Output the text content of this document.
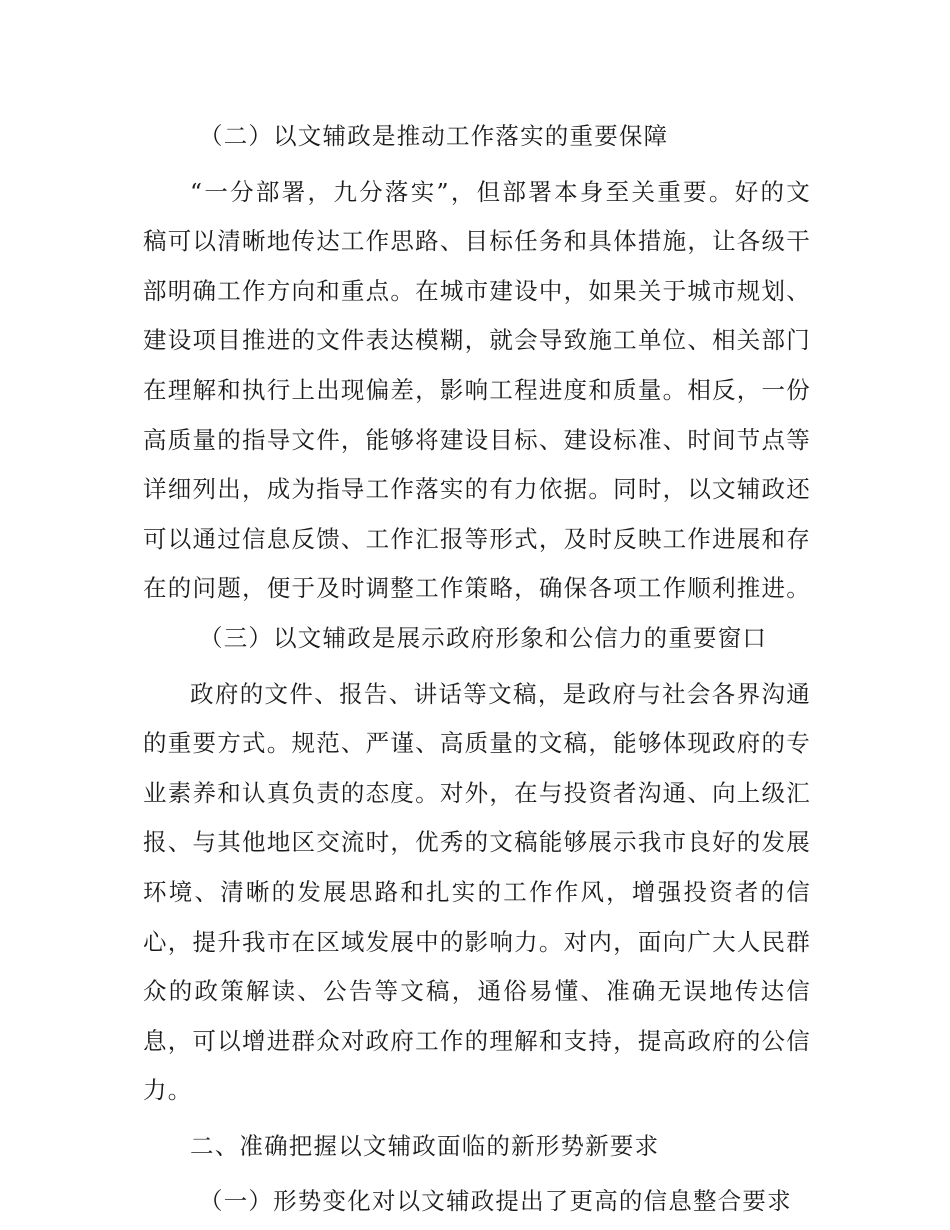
（二）以文辅政是推动工作落实的重要保障
“一分部署，九分落实”，但部署本身至关重要。好的文
稿可以清晰地传达工作思路、目标任务和具体措施，让各级干
部明确工作方向和重点。在城市建设中，如果关于城市规划、
建设项目推进的文件表达模糊，就会导致施工单位、相关部门
在理解和执行上出现偏差，影响工程进度和质量。相反，一份
高质量的指导文件，能够将建设目标、建设标准、时间节点等
详细列出，成为指导工作落实的有力依据。同时，以文辅政还
可以通过信息反馈、工作汇报等形式，及时反映工作进展和存
在的问题，便于及时调整工作策略，确保各项工作顺利推进。
（三）以文辅政是展示政府形象和公信力的重要窗口
政府的文件、报告、讲话等文稿，是政府与社会各界沟通
的重要方式。规范、严谨、高质量的文稿，能够体现政府的专
业素养和认真负责的态度。对外，在与投资者沟通、向上级汇
报、与其他地区交流时，优秀的文稿能够展示我市良好的发展
环境、清晰的发展思路和扎实的工作作风，增强投资者的信
心，提升我市在区域发展中的影响力。对内，面向广大人民群
众的政策解读、公告等文稿，通俗易懂、准确无误地传达信
息，可以增进群众对政府工作的理解和支持，提高政府的公信
力。
二、准确把握以文辅政面临的新形势新要求
（一）形势变化对以文辅政提出了更高的信息整合要求
